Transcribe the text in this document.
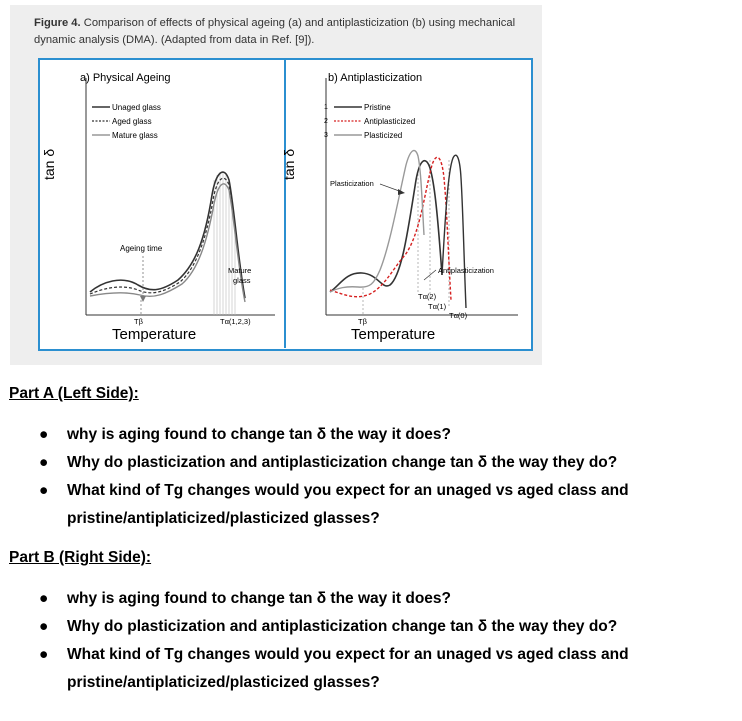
Figure 4. Comparison of effects of physical ageing (a) and antiplasticization (b) using mechanical dynamic analysis (DMA). (Adapted from data in Ref. [9]).
a) Physical Ageing
tan δ
Temperature
Unaged glass
Aged glass
Mature glass
Ageing time
Mature
glass
Tβ	Tα(1,2,3)
b) Antiplasticization
tan δ
Temperature
1	Pristine
2	Antiplasticized
3	Plasticized
Plasticization
Antiplasticization
Tβ
Tα(2)
Tα(1)
Tα(0)
Part A (Left Side):
● why is aging found to change tan δ the way it does?
● Why do plasticization and antiplasticization change tan δ the way they do?
● What kind of Tg changes would you expect for an unaged vs aged class and pristine/antiplaticized/plasticized glasses?
Part B (Right Side):
● why is aging found to change tan δ the way it does?
● Why do plasticization and antiplasticization change tan δ the way they do?
● What kind of Tg changes would you expect for an unaged vs aged class and pristine/antiplaticized/plasticized glasses?
